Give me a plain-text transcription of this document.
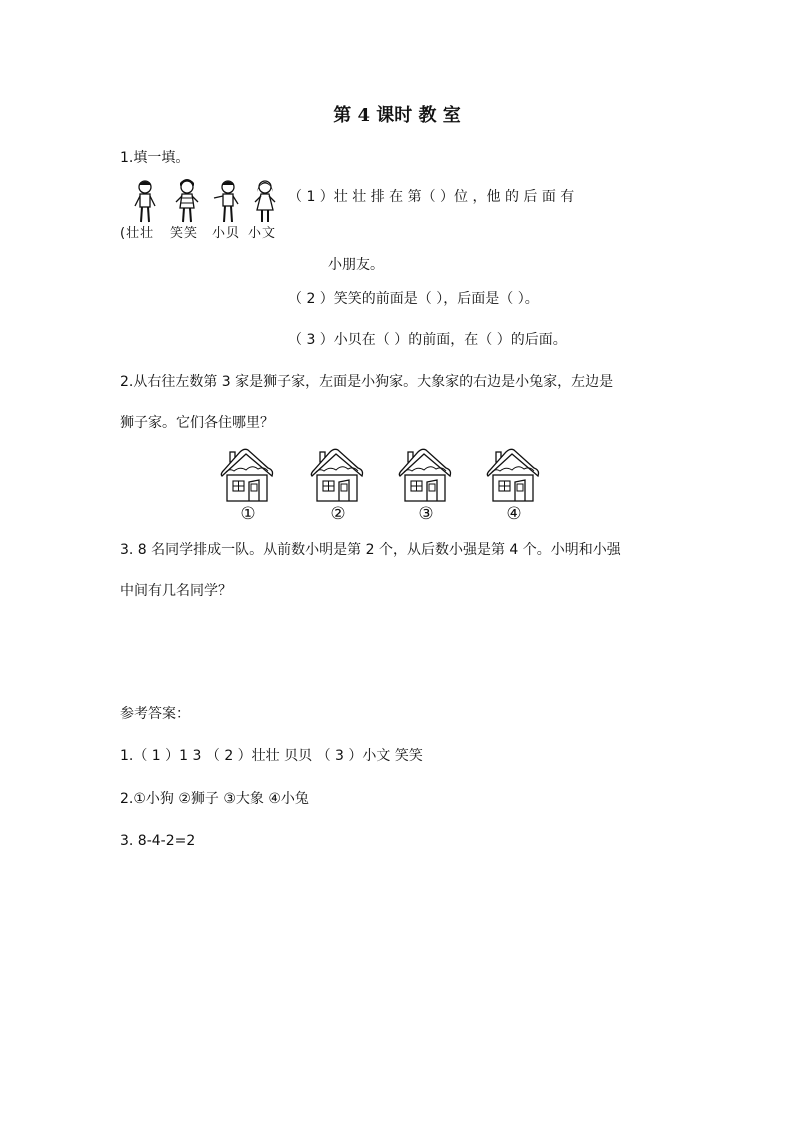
第 4 课时 教 室
1.填一填。
(壮壮 笑笑 小贝 小文
（ 1 ）壮 壮 排 在 第（ ）位 ，他 的 后 面 有
小朋友。
（ 2 ）笑笑的前面是（ ），后面是（ ）。
（ 3 ）小贝在（ ）的前面，在（ ）的后面。
2.从右往左数第 3 家是狮子家，左面是小狗家。大象家的右边是小兔家，左边是
狮子家。它们各住哪里？
①	②	③	④
3. 8 名同学排成一队。从前数小明是第 2 个，从后数小强是第 4 个。小明和小强
中间有几名同学？
参考答案：
1.（ 1 ）1 3 （ 2 ）壮壮 贝贝 （ 3 ）小文 笑笑
2.①小狗 ②狮子 ③大象 ④小兔
3. 8-4-2=2
